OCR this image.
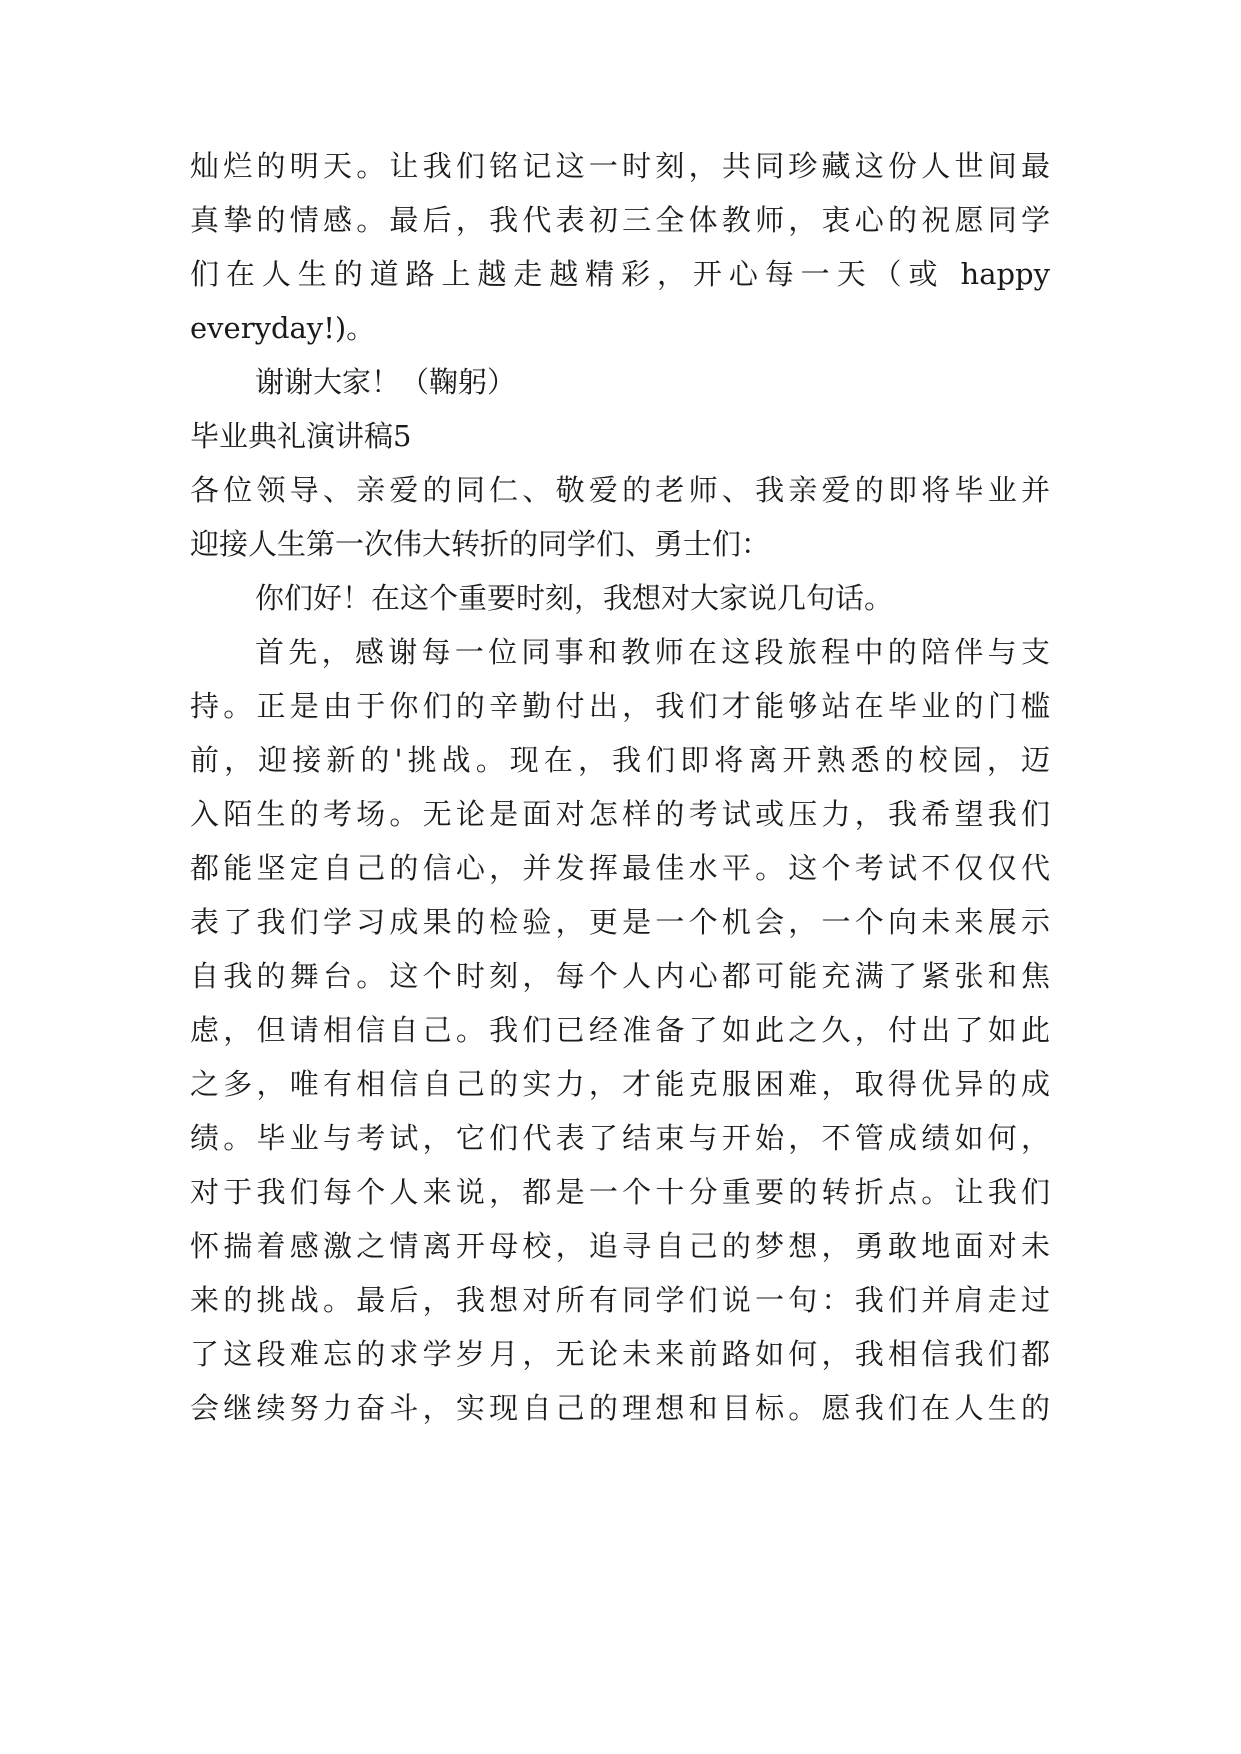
灿烂的明天。让我们铭记这一时刻，共同珍藏这份人世间最
真挚的情感。最后，我代表初三全体教师，衷心的祝愿同学
们在人生的道路上越走越精彩，开心每一天（或 happy
everyday!)。
谢谢大家！（鞠躬）
毕业典礼演讲稿5
各位领导、亲爱的同仁、敬爱的老师、我亲爱的即将毕业并
迎接人生第一次伟大转折的同学们、勇士们：
你们好！在这个重要时刻，我想对大家说几句话。
首先，感谢每一位同事和教师在这段旅程中的陪伴与支
持。正是由于你们的辛勤付出，我们才能够站在毕业的门槛
前，迎接新的'挑战。现在，我们即将离开熟悉的校园，迈
入陌生的考场。无论是面对怎样的考试或压力，我希望我们
都能坚定自己的信心，并发挥最佳水平。这个考试不仅仅代
表了我们学习成果的检验，更是一个机会，一个向未来展示
自我的舞台。这个时刻，每个人内心都可能充满了紧张和焦
虑，但请相信自己。我们已经准备了如此之久，付出了如此
之多，唯有相信自己的实力，才能克服困难，取得优异的成
绩。毕业与考试，它们代表了结束与开始，不管成绩如何，
对于我们每个人来说，都是一个十分重要的转折点。让我们
怀揣着感激之情离开母校，追寻自己的梦想，勇敢地面对未
来的挑战。最后，我想对所有同学们说一句：我们并肩走过
了这段难忘的求学岁月，无论未来前路如何，我相信我们都
会继续努力奋斗，实现自己的理想和目标。愿我们在人生的
